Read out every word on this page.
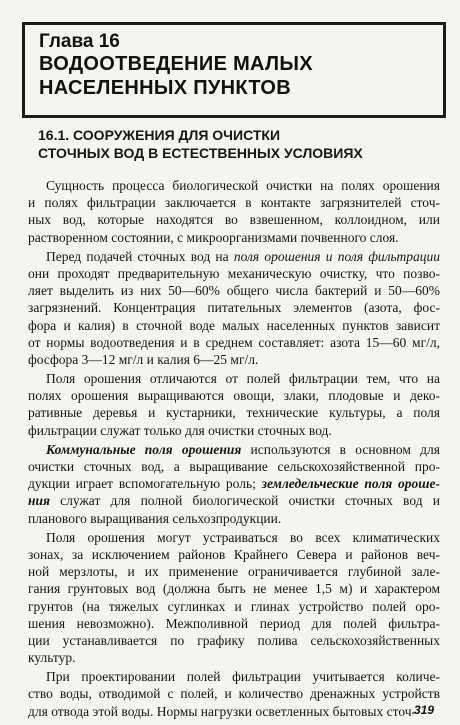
Глава 16
ВОДООТВЕДЕНИЕ МАЛЫХ
НАСЕЛЕННЫХ ПУНКТОВ
16.1. СООРУЖЕНИЯ ДЛЯ ОЧИСТКИ
СТОЧНЫХ ВОД В ЕСТЕСТВЕННЫХ УСЛОВИЯХ
Сущность процесса биологической очистки на полях орошения
и полях фильтрации заключается в контакте загрязнителей сточ-
ных вод, которые находятся во взвешенном, коллоидном, или
растворенном состоянии, с микроорганизмами почвенного слоя.
Перед подачей сточных вод на поля орошения и поля фильтрации
они проходят предварительную механическую очистку, что позво-
ляет выделить из них 50—60% общего числа бактерий и 50—60%
загрязнений. Концентрация питательных элементов (азота, фос-
фора и калия) в сточной воде малых населенных пунктов зависит
от нормы водоотведения и в среднем составляет: азота 15—60 мг/л,
фосфора 3—12 мг/л и калия 6—25 мг/л.
Поля орошения отличаются от полей фильтрации тем, что на
полях орошения выращиваются овощи, злаки, плодовые и деко-
ративные деревья и кустарники, технические культуры, а поля
фильтрации служат только для очистки сточных вод.
Коммунальные поля орошения используются в основном для
очистки сточных вод, а выращивание сельскохозяйственной про-
дукции играет вспомогательную роль; земледельческие поля ороше-
ния служат для полной биологической очистки сточных вод и
планового выращивания сельхозпродукции.
Поля орошения могут устраиваться во всех климатических
зонах, за исключением районов Крайнего Севера и районов веч-
ной мерзлоты, и их применение ограничивается глубиной зале-
гания грунтовых вод (должна быть не менее 1,5 м) и характером
грунтов (на тяжелых суглинках и глинах устройство полей оро-
шения невозможно). Межполивной период для полей фильтра-
ции устанавливается по графику полива сельскохозяйственных
культур.
При проектировании полей фильтрации учитывается количе-
ство воды, отводимой с полей, и количество дренажных устройств
для отвода этой воды. Нормы нагрузки осветленных бытовых сточ-
319
